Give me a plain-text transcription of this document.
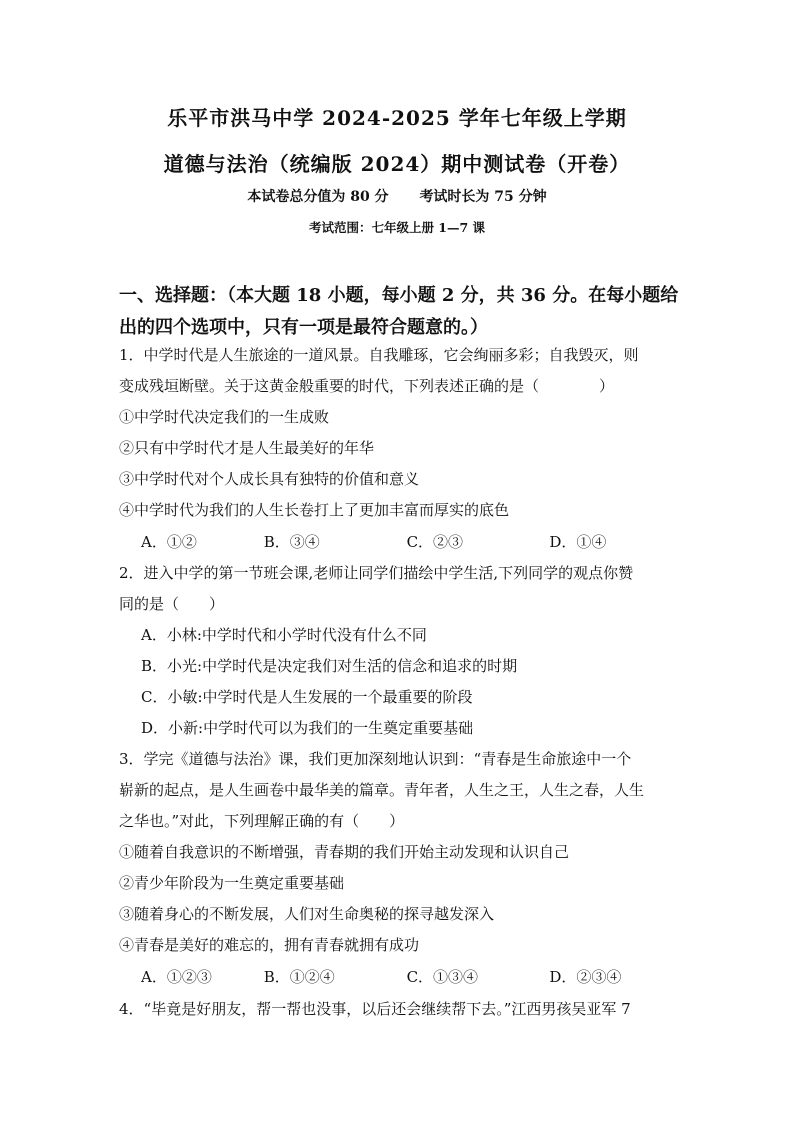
乐平市洪马中学 2024-2025 学年七年级上学期
道德与法治（统编版 2024）期中测试卷（开卷）
本试卷总分值为 80 分 考试时长为 75 分钟
考试范围：七年级上册 1—7 课
一、选择题：（本大题 18 小题，每小题 2 分，共 36 分。在每小题给
出的四个选项中，只有一项是最符合题意的。）
1．中学时代是人生旅途的一道风景。自我雕琢，它会绚丽多彩；自我毁灭，则
变成残垣断壁。关于这黄金般重要的时代，下列表述正确的是（　　　　）
①中学时代决定我们的一生成败
②只有中学时代才是人生最美好的年华
③中学时代对个人成长具有独特的价值和意义
④中学时代为我们的人生长卷打上了更加丰富而厚实的底色
A．①②	B．③④	C．②③	D．①④
2．进入中学的第一节班会课,老师让同学们描绘中学生活,下列同学的观点你赞
同的是（　　）
A．小林:中学时代和小学时代没有什么不同
B．小光:中学时代是决定我们对生活的信念和追求的时期
C．小敏:中学时代是人生发展的一个最重要的阶段
D．小新:中学时代可以为我们的一生奠定重要基础
3．学完《道德与法治》课，我们更加深刻地认识到：“青春是生命旅途中一个
崭新的起点，是人生画卷中最华美的篇章。青年者，人生之王，人生之春，人生
之华也。”对此，下列理解正确的有（　　）
①随着自我意识的不断增强，青春期的我们开始主动发现和认识自己
②青少年阶段为一生奠定重要基础
③随着身心的不断发展，人们对生命奥秘的探寻越发深入
④青春是美好的难忘的，拥有青春就拥有成功
A．①②③	B．①②④	C．①③④	D．②③④
4．“毕竟是好朋友，帮一帮也没事，以后还会继续帮下去。”江西男孩吴亚军 7
